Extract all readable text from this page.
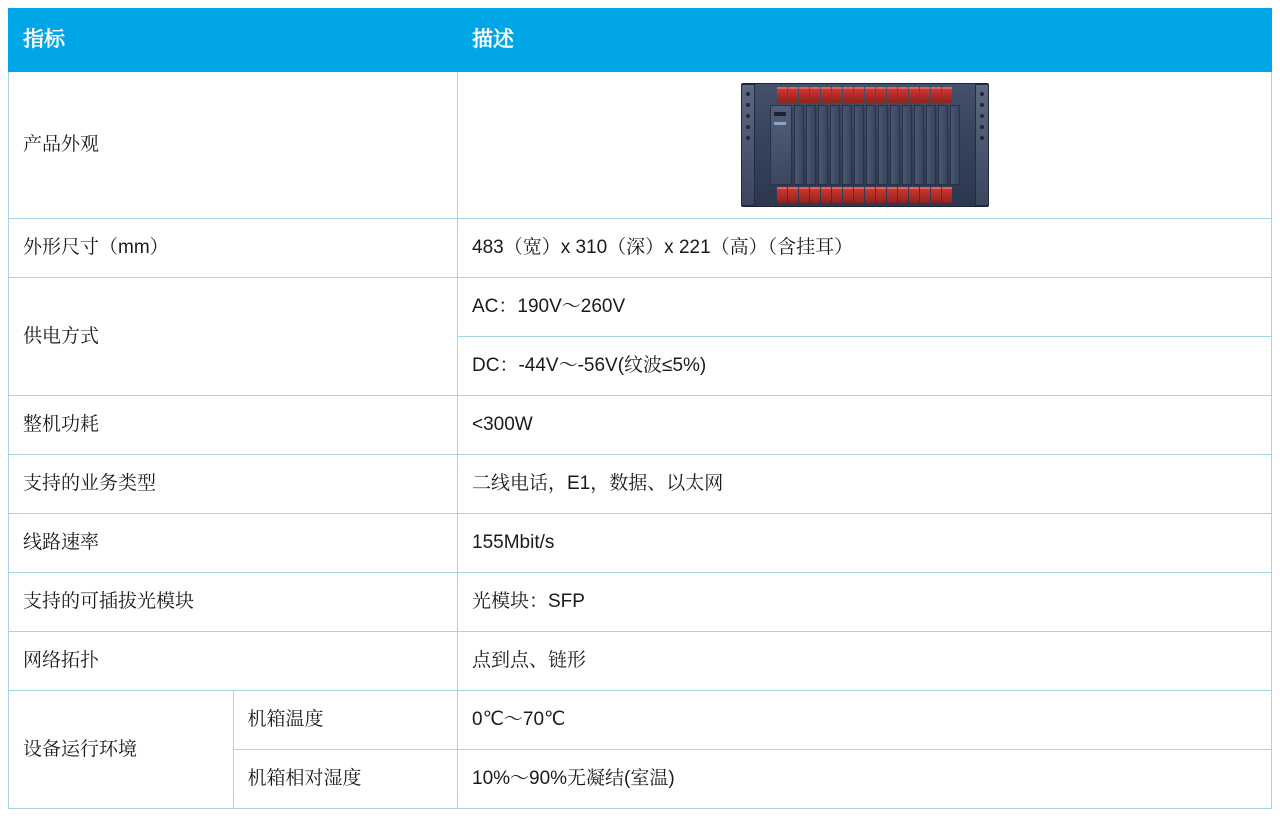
指标		描述
产品外观		

外形尺寸（mm）		483（宽）x 310（深）x 221（高）（含挂耳）
供电方式		AC：190V～260V
		DC：-44V～-56V(纹波≤5%)
整机功耗		<300W
支持的业务类型		二线电话，E1，数据、以太网
线路速率		155Mbit/s
支持的可插拔光模块		光模块：SFP
网络拓扑		点到点、链形
设备运行环境	机箱温度	0℃～70℃
	机箱相对湿度	10%～90%无凝结(室温)
